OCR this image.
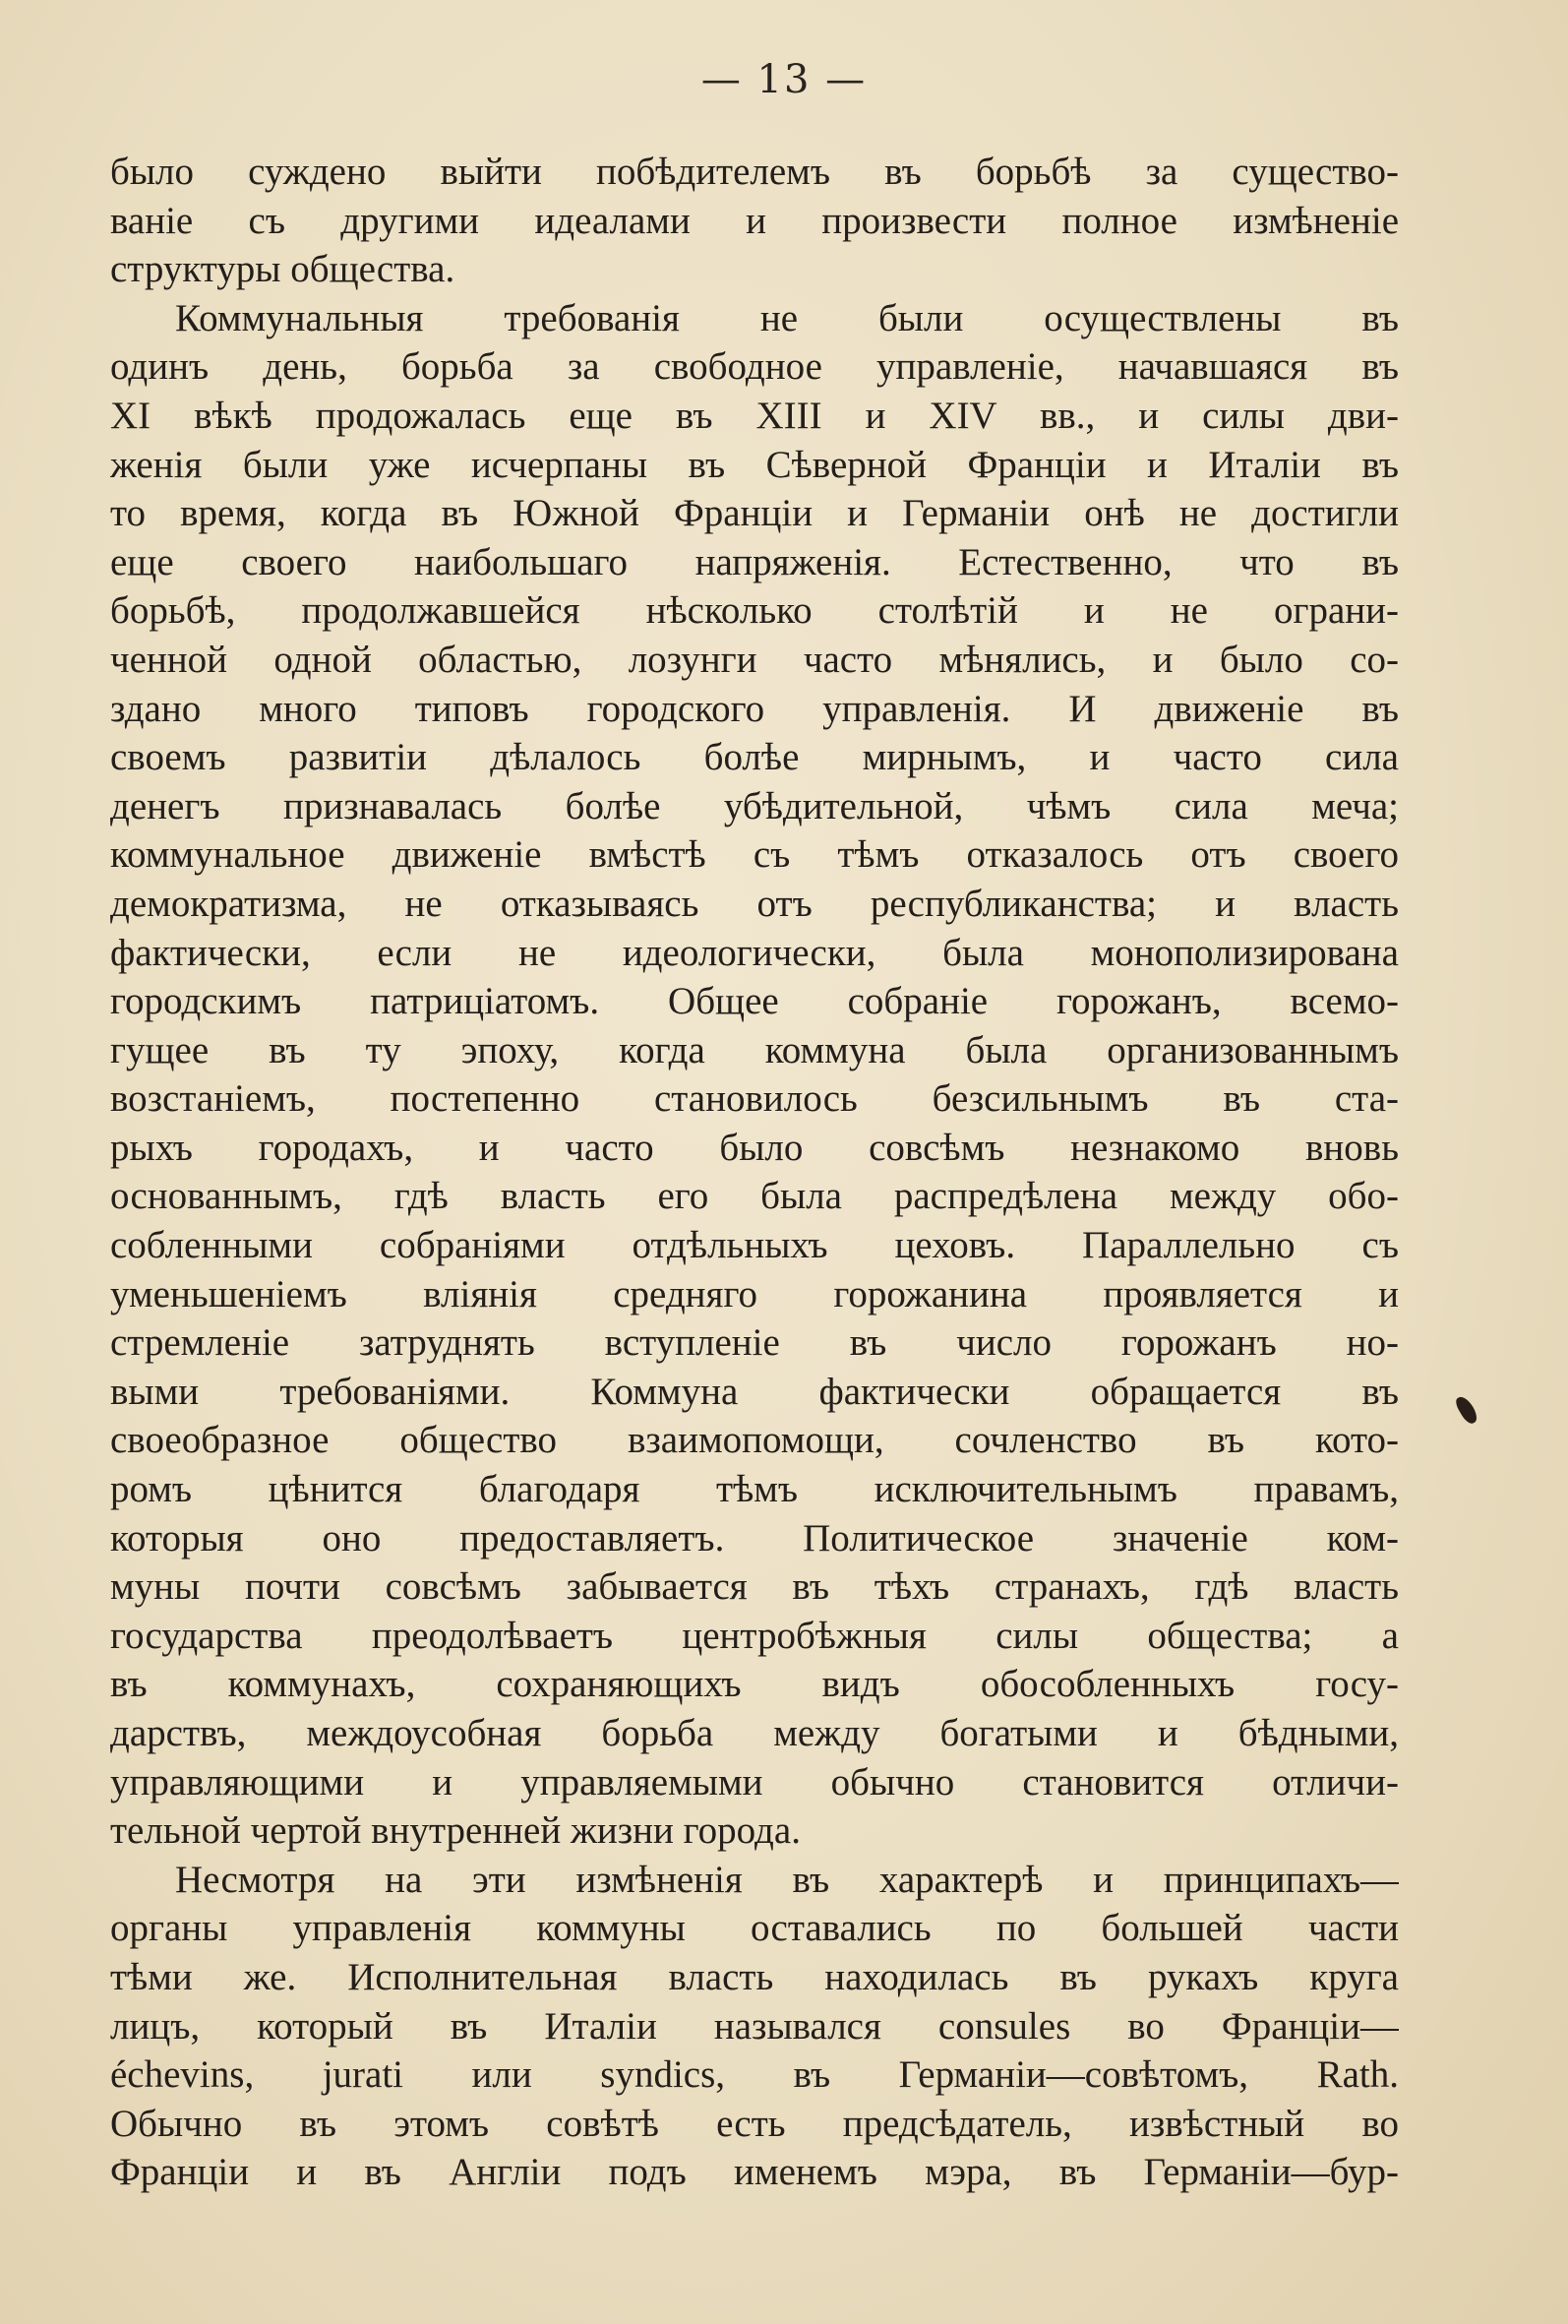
— 13 —
было суждено выйти побѣдителемъ въ борьбѣ за существо-
ваніе съ другими идеалами и произвести полное измѣненіе
структуры общества.
Коммунальныя требованія не были осуществлены въ
одинъ день, борьба за свободное управленіе, начавшаяся въ
XI вѣкѣ продожалась еще въ XIII и XIV вв., и силы дви-
женія были уже исчерпаны въ Сѣверной Франціи и Италіи въ
то время, когда въ Южной Франціи и Германіи онѣ не достигли
еще своего наибольшаго напряженія. Естественно, что въ
борьбѣ, продолжавшейся нѣсколько столѣтій и не ограни-
ченной одной областью, лозунги часто мѣнялись, и было со-
здано много типовъ городского управленія. И движеніе въ
своемъ развитіи дѣлалось болѣе мирнымъ, и часто сила
денегъ признавалась болѣе убѣдительной, чѣмъ сила меча;
коммунальное движеніе вмѣстѣ съ тѣмъ отказалось отъ своего
демократизма, не отказываясь отъ республиканства; и власть
фактически, если не идеологически, была монополизирована
городскимъ патриціатомъ. Общее собраніе горожанъ, всемо-
гущее въ ту эпоху, когда коммуна была организованнымъ
возстаніемъ, постепенно становилось безсильнымъ въ ста-
рыхъ городахъ, и часто было совсѣмъ незнакомо вновь
основаннымъ, гдѣ власть его была распредѣлена между обо-
собленными собраніями отдѣльныхъ цеховъ. Параллельно съ
уменьшеніемъ вліянія средняго горожанина проявляется и
стремленіе затруднять вступленіе въ число горожанъ но-
выми требованіями. Коммуна фактически обращается въ
своеобразное общество взаимопомощи, сочленство въ кото-
ромъ цѣнится благодаря тѣмъ исключительнымъ правамъ,
которыя оно предоставляетъ. Политическое значеніе ком-
муны почти совсѣмъ забывается въ тѣхъ странахъ, гдѣ власть
государства преодолѣваетъ центробѣжныя силы общества; а
въ коммунахъ, сохраняющихъ видъ обособленныхъ госу-
дарствъ, междоусобная борьба между богатыми и бѣдными,
управляющими и управляемыми обычно становится отличи-
тельной чертой внутренней жизни города.
Несмотря на эти измѣненія въ характерѣ и принципахъ—
органы управленія коммуны оставались по большей части
тѣми же. Исполнительная власть находилась въ рукахъ круга
лицъ, который въ Италіи назывался consules во Франціи—
échevins, jurati или syndics, въ Германіи—совѣтомъ, Rath.
Обычно въ этомъ совѣтѣ есть предсѣдатель, извѣстный во
Франціи и въ Англіи подъ именемъ мэра, въ Германіи—бур-
